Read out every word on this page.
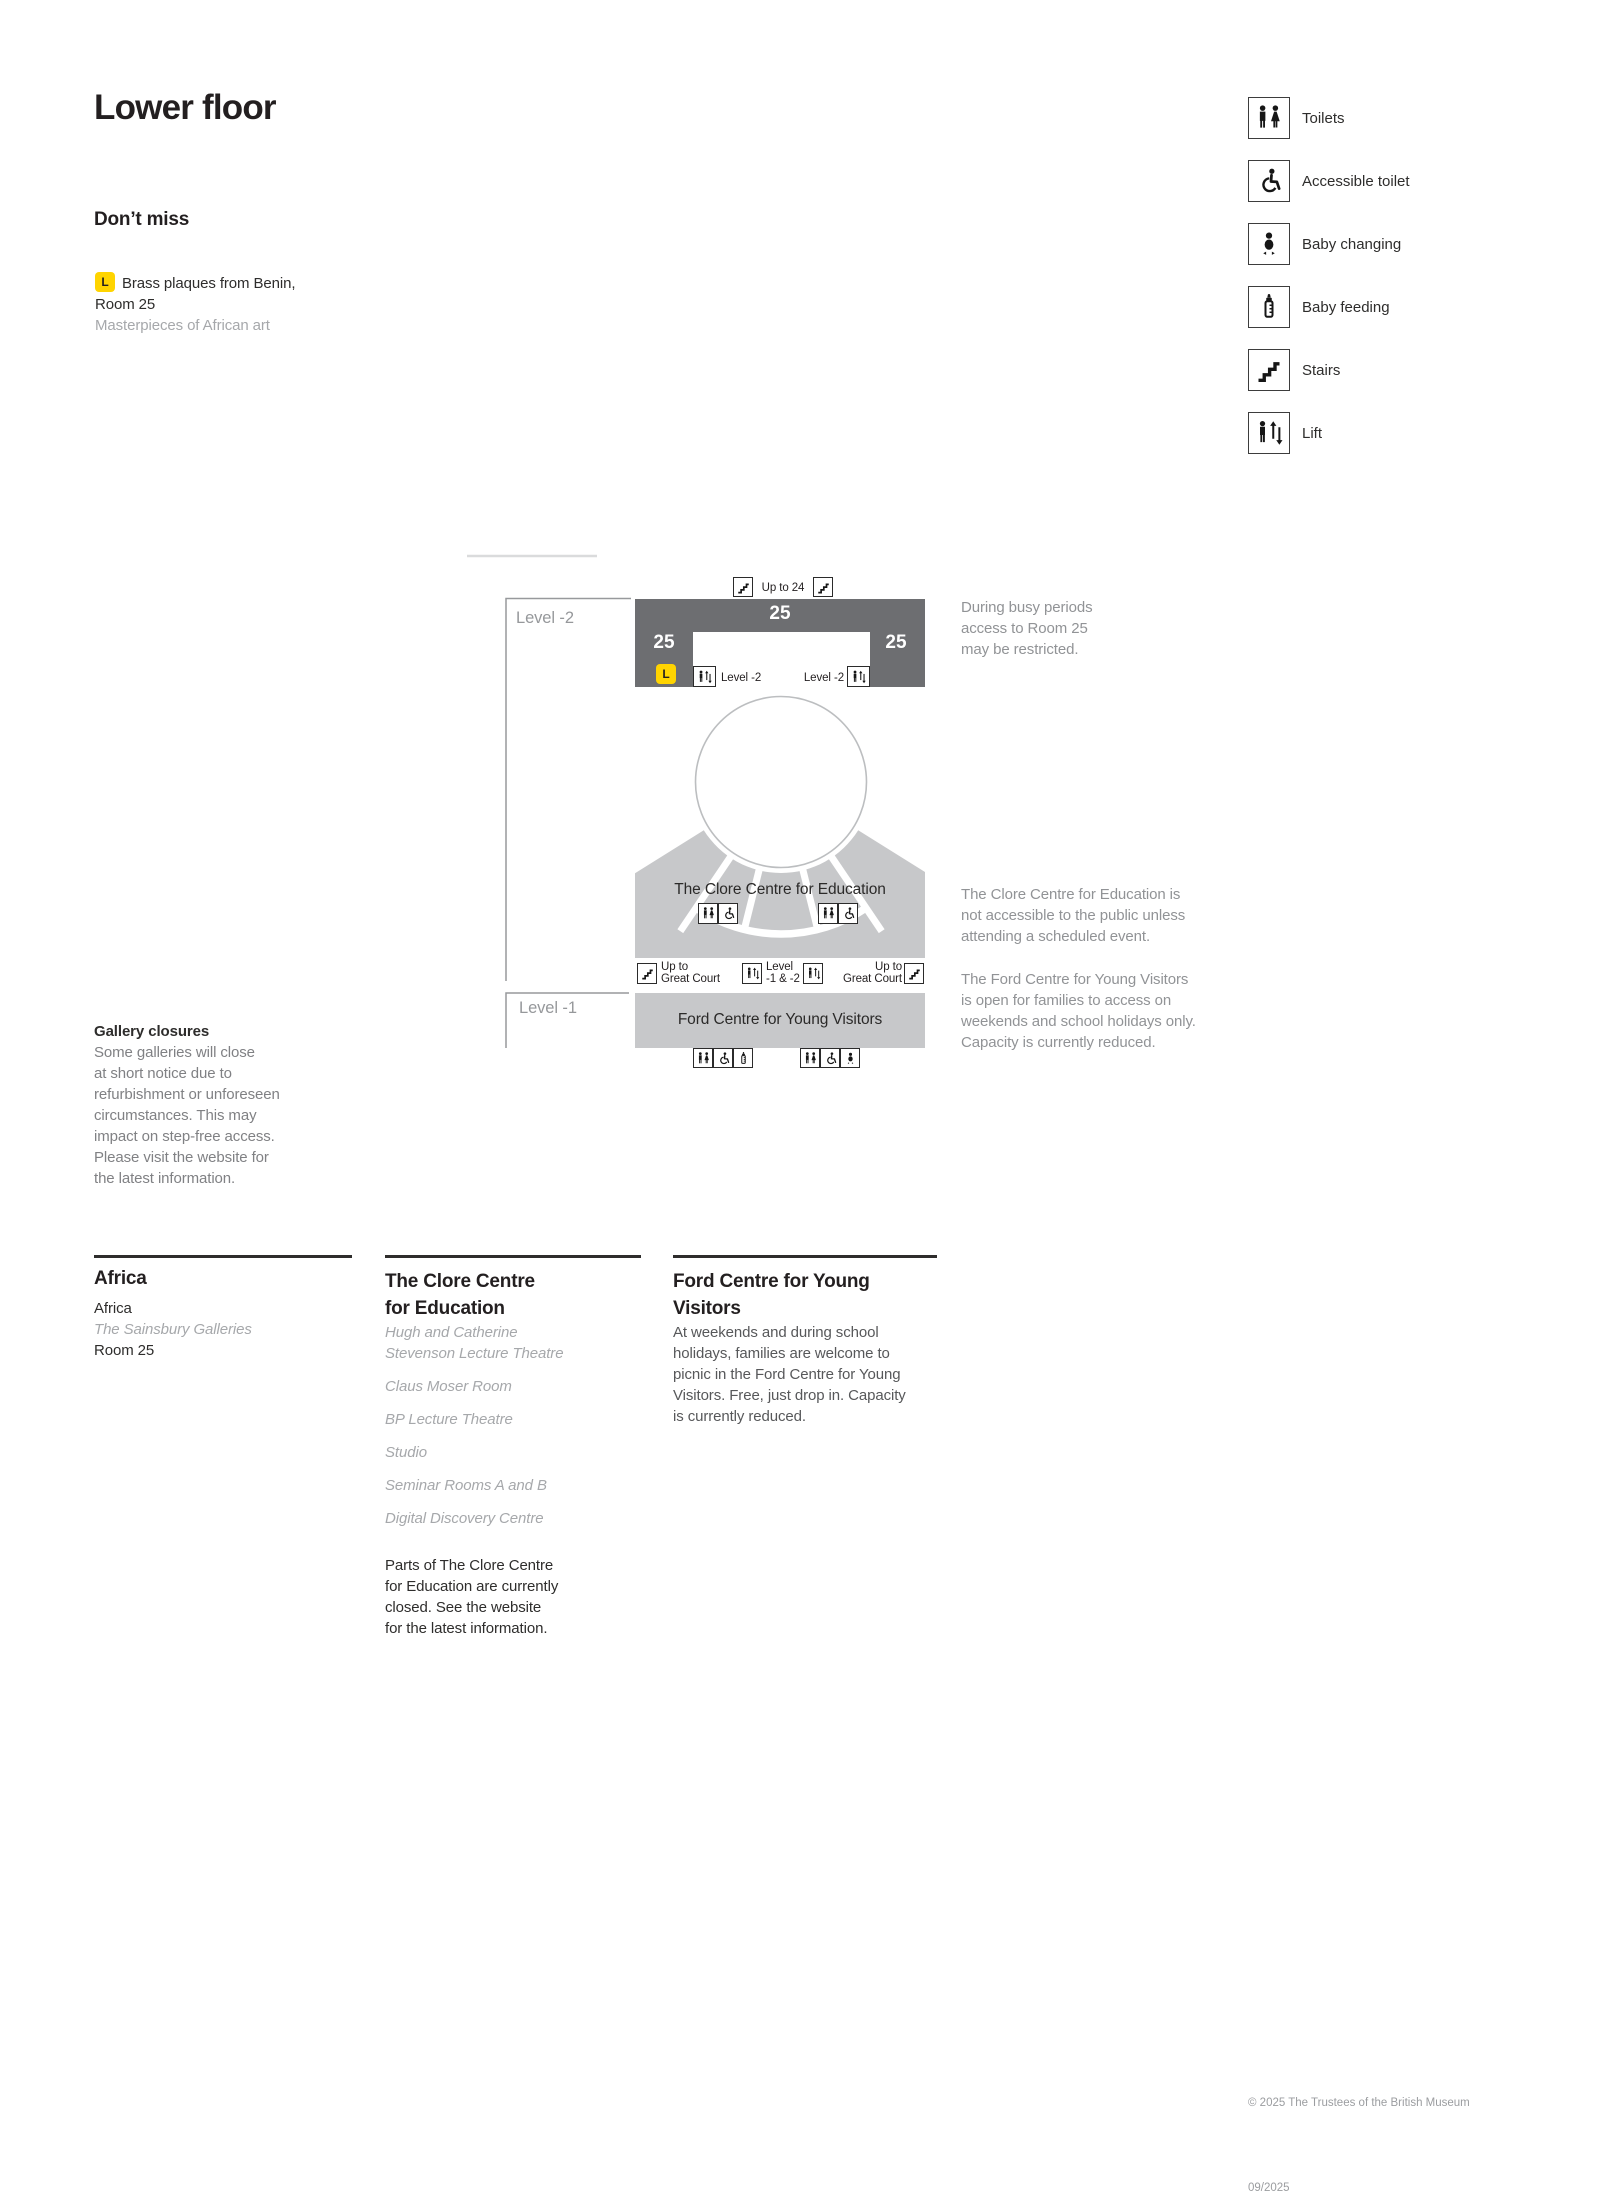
Lower floor
Don’t miss
L Brass plaques from Benin,
Room 25
Masterpieces of African art
Toilets
Accessible toilet
Baby changing
Baby feeding
Stairs
Lift
Level -2
Level -1
Up to 24
25
25	25
L	Level -2	Level -2
The Clore Centre for Education
Up to
Great Court
Level
-1 & -2
Up to
Great Court
Ford Centre for Young Visitors
During busy periods
access to Room 25
may be restricted.
The Clore Centre for Education is
not accessible to the public unless
attending a scheduled event.
The Ford Centre for Young Visitors
is open for families to access on
weekends and school holidays only.
Capacity is currently reduced.
Gallery closures
Some galleries will close
at short notice due to
refurbishment or unforeseen
circumstances. This may
impact on step-free access.
Please visit the website for
the latest information.
Africa
Africa
The Sainsbury Galleries
Room 25
The Clore Centre
for Education
Hugh and Catherine
Stevenson Lecture Theatre
Claus Moser Room
BP Lecture Theatre
Studio
Seminar Rooms A and B
Digital Discovery Centre
Parts of The Clore Centre
for Education are currently
closed. See the website
for the latest information.
Ford Centre for Young
Visitors
At weekends and during school
holidays, families are welcome to
picnic in the Ford Centre for Young
Visitors. Free, just drop in. Capacity
is currently reduced.
© 2025 The Trustees of the British Museum
09/2025
